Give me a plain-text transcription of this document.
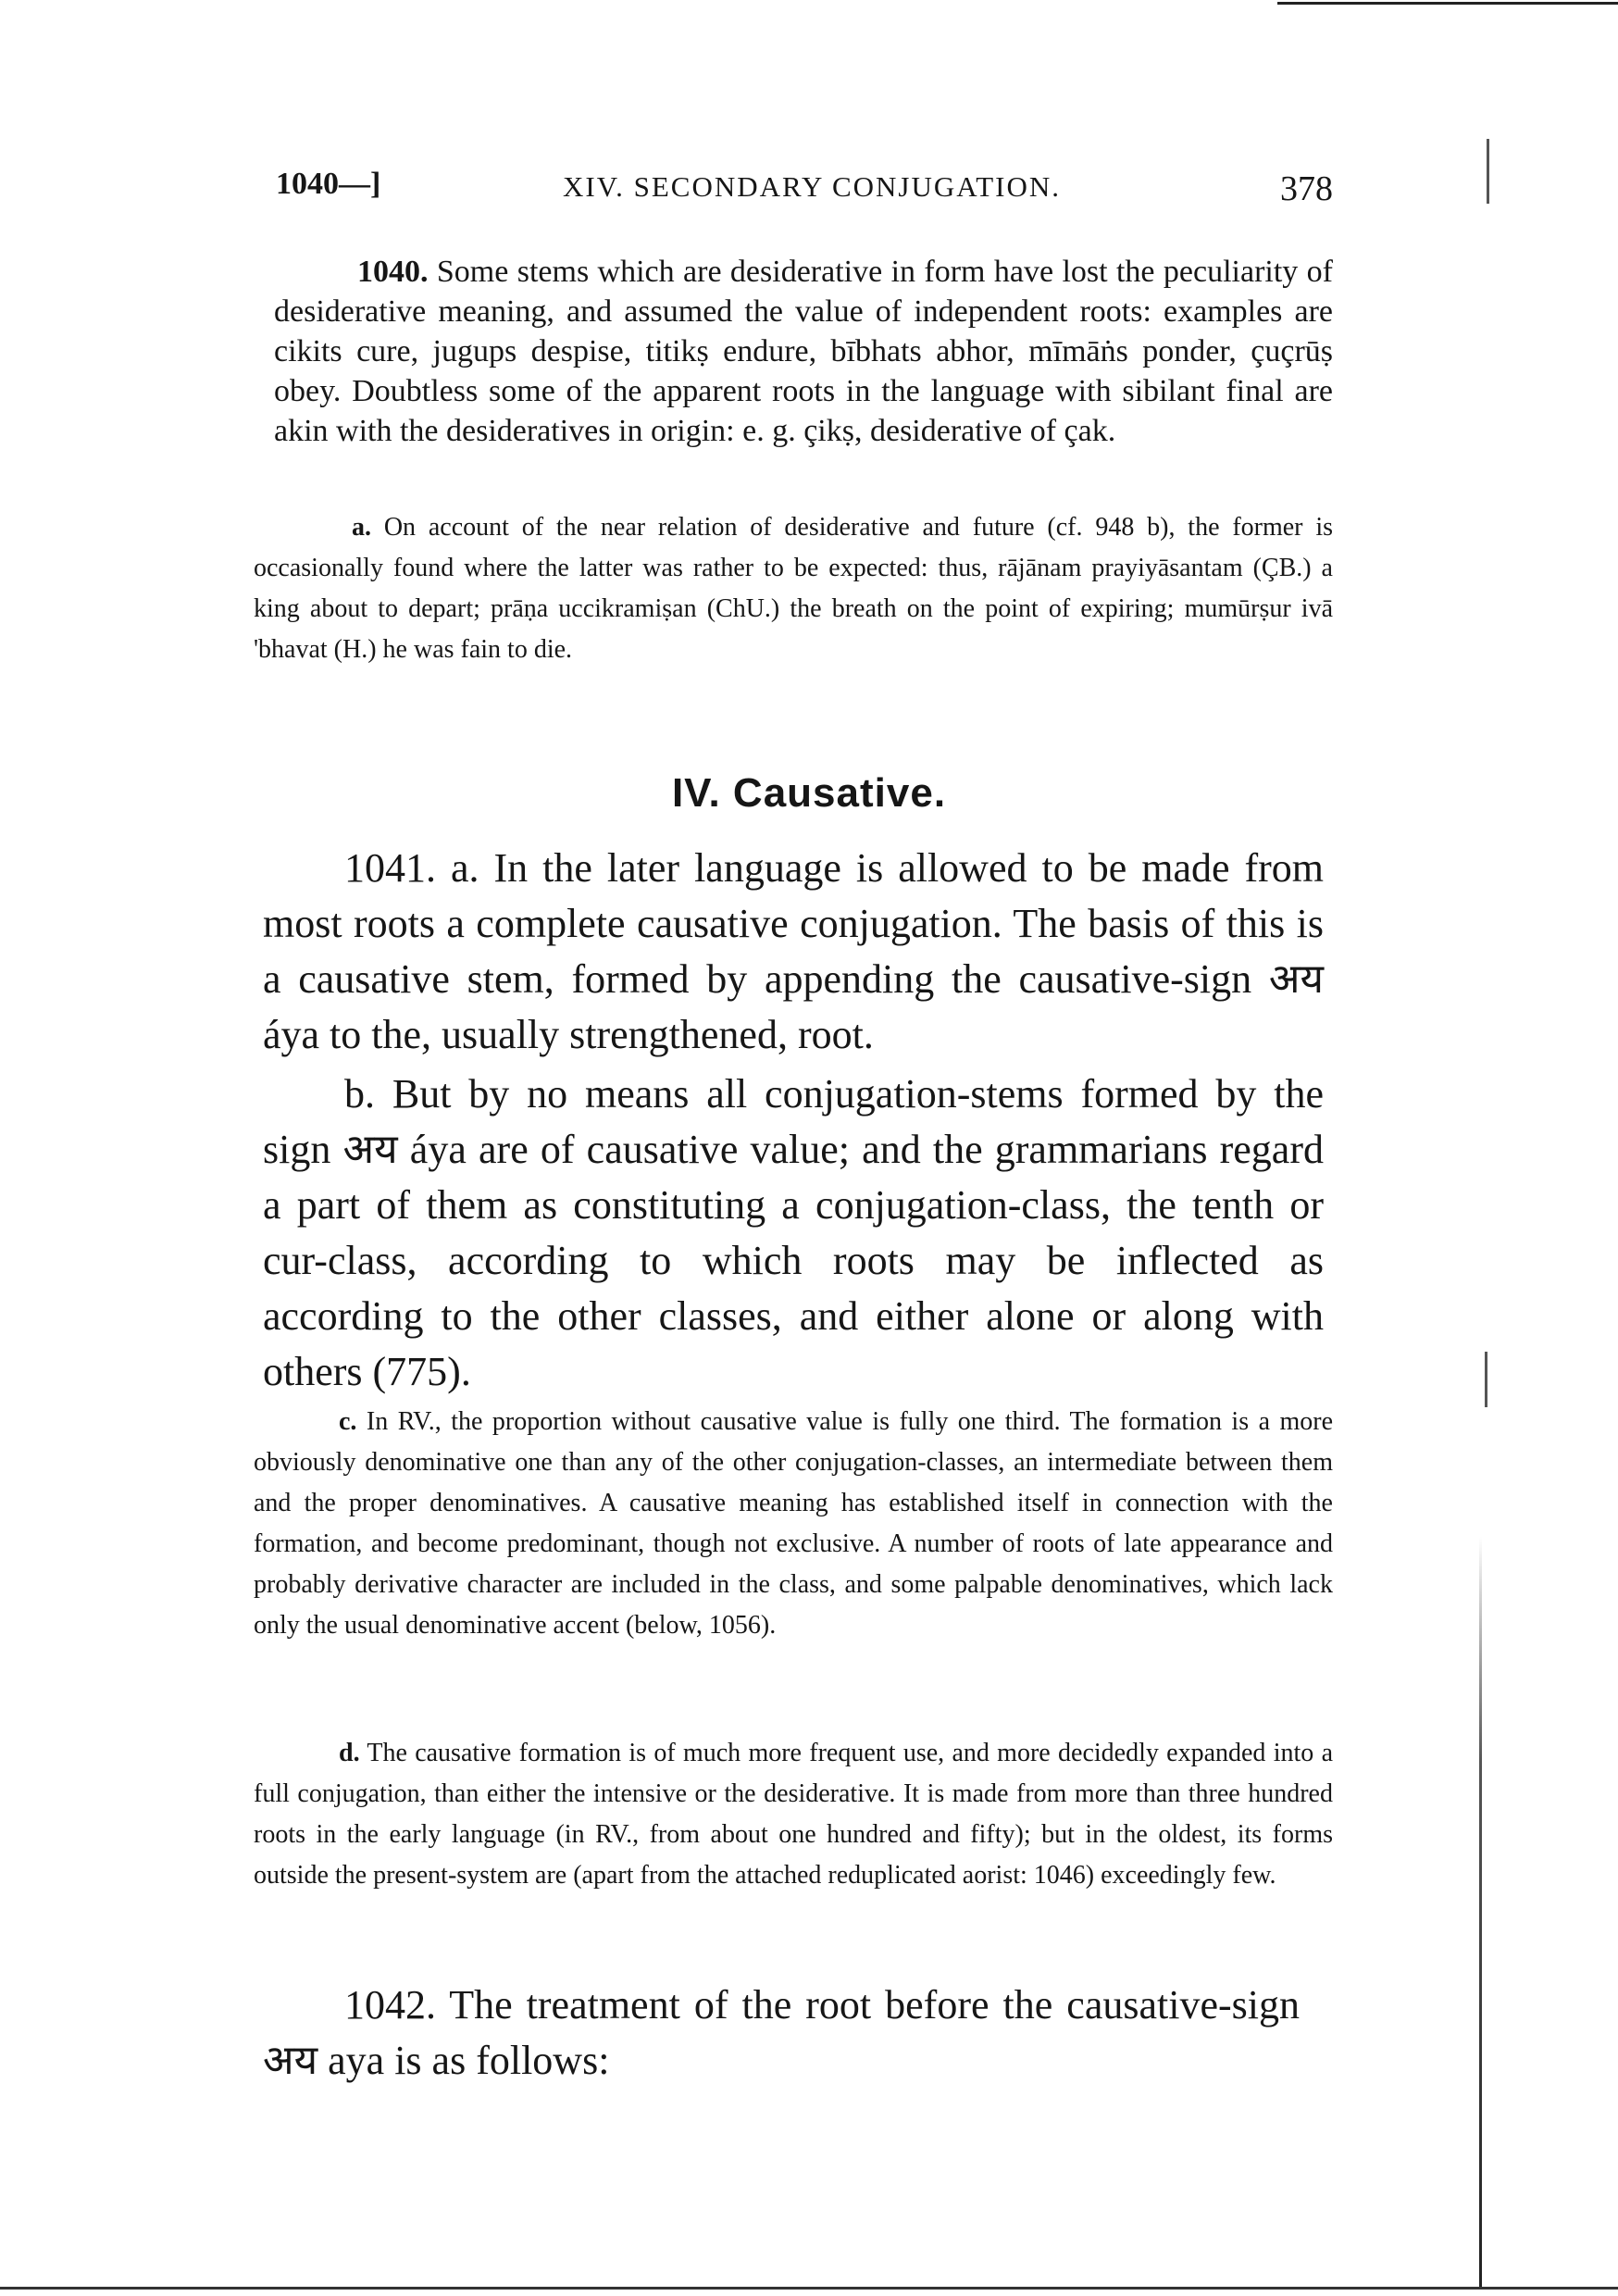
1040—]	XIV. SECONDARY CONJUGATION.	378

1040. Some stems which are desiderative in form have lost the peculiarity of desiderative meaning, and assumed the value of independent roots: examples are cikits cure, jugups despise, titikṣ endure, bībhats abhor, mīmāṅs ponder, çuçrūṣ obey. Doubtless some of the apparent roots in the language with sibilant final are akin with the desideratives in origin: e. g. çikṣ, desiderative of çak.

a. On account of the near relation of desiderative and future (cf. 948 b), the former is occasionally found where the latter was rather to be expected: thus, rājānam prayiyāsantam (ÇB.) a king about to depart; prāṇa uccikramiṣan (ChU.) the breath on the point of expiring; mumūrṣur ivā 'bhavat (H.) he was fain to die.

IV. Causative.

1041. a. In the later language is allowed to be made from most roots a complete causative conjugation. The basis of this is a causative stem, formed by appending the causative-sign अय áya to the, usually strengthened, root.

b. But by no means all conjugation-stems formed by the sign अय áya are of causative value; and the grammarians regard a part of them as constituting a conjugation-class, the tenth or cur-class, according to which roots may be inflected as according to the other classes, and either alone or along with others (775).

c. In RV., the proportion without causative value is fully one third. The formation is a more obviously denominative one than any of the other conjugation-classes, an intermediate between them and the proper denominatives. A causative meaning has established itself in connection with the formation, and become predominant, though not exclusive. A number of roots of late appearance and probably derivative character are included in the class, and some palpable denominatives, which lack only the usual denominative accent (below, 1056).

d. The causative formation is of much more frequent use, and more decidedly expanded into a full conjugation, than either the intensive or the desiderative. It is made from more than three hundred roots in the early language (in RV., from about one hundred and fifty); but in the oldest, its forms outside the present-system are (apart from the attached reduplicated aorist: 1046) exceedingly few.

1042. The treatment of the root before the causative-sign अय aya is as follows:
